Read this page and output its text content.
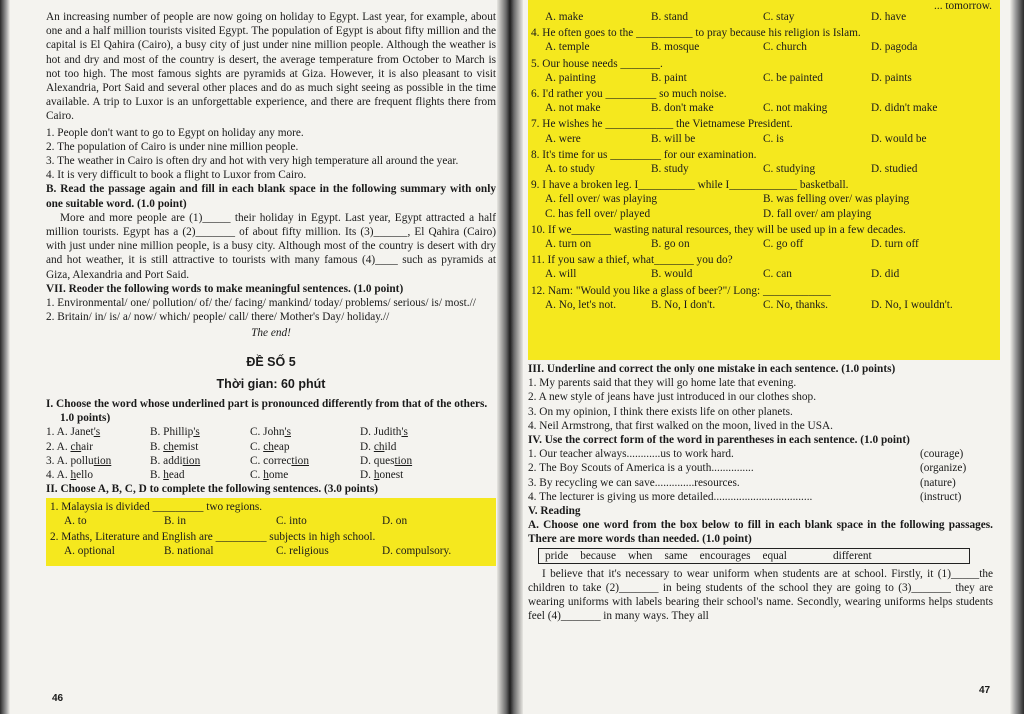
An increasing number of people are now going on holiday to Egypt. Last year, for example, about one and a half million tourists visited Egypt. The population of Egypt is about fifty million and the capital is El Qahira (Cairo), a busy city of just under nine million people. Although the weather is hot and dry and most of the country is desert, the average temperature from October to March is not too high. The most famous sights are pyramids at Giza. However, it is also pleasant to visit Alexandria, Port Said and several other places and do as much sight seeing as possible in the time available. A trip to Luxor is an unforgettable experience, and there are frequent flights there from Cairo.

1. People don't want to go to Egypt on holiday any more.

2. The population of Cairo is under nine million people.

3. The weather in Cairo is often dry and hot with very high temperature all around the year.

4. It is very difficult to book a flight to Luxor from Cairo.

B. Read the passage again and fill in each blank space in the following summary with only one suitable word. (1.0 point)

More and more people are (1)_____ their holiday in Egypt. Last year, Egypt attracted a half million tourists. Egypt has a (2)_______ of about fifty million. Its (3)______, El Qahira (Cairo) with just under nine million people, is a busy city. Although most of the country is desert with dry and hot weather, it is still attractive to tourists with many famous (4)____ such as pyramids at Giza, Alexandria and Port Said.

VII. Reoder the following words to make meaningful sentences. (1.0 point)

1. Environmental/ one/ pollution/ of/ the/ facing/ mankind/ today/ problems/ serious/ is/ most.//

2. Britain/ in/ is/ a/ now/ which/ people/ call/ there/ Mother's Day/ holiday.//

The end!

ĐỀ SỐ 5

Thời gian: 60 phút

I. Choose the word whose underlined part is pronounced differently from that of the others.

1.0 points)

1. A. Janet's	B. Phillip's	C. John's	D. Judith's
2. A. chair	B. chemist	C. cheap	D. child
3. A. pollution	B. addition	C. correction	D. question
4. A. hello	B. head	C. home	D. honest

II. Choose A, B, C, D to complete the following sentences. (3.0 points)

1. Malaysia is divided _________ two regions.

A. to	B. in	C. into	D. on

2. Maths, Literature and English are _________ subjects in high school.

A. optional	B. national	C. religious	D. compulsory.
46

... tomorrow.

A. make	B. stand	C. stay	D. have

4. He often goes to the __________ to pray because his religion is Islam.

A. temple	B. mosque	C. church	D. pagoda

5. Our house needs _______.

A. painting	B. paint	C. be painted	D. paints

6. I'd rather you _________ so much noise.

A. not make	B. don't make	C. not making	D. didn't make

7. He wishes he ____________ the Vietnamese President.

A. were	B. will be	C. is	D. would be

8. It's time for us _________ for our examination.

A. to study	B. study	C. studying	D. studied

9. I have a broken leg. I__________ while I____________ basketball.

A. fell over/ was playing	B. was felling over/ was playing
C. has fell over/ played	D. fall over/ am playing

10. If we_______ wasting natural resources, they will be used up in a few decades.

A. turn on	B. go on	C. go off	D. turn off

11. If you saw a thief, what_______ you do?

A. will	B. would	C. can	D. did

12. Nam: "Would you like a glass of beer?"/ Long: ____________

A. No, let's not.	B. No, I don't.	C. No, thanks.	D. No, I wouldn't.

III. Underline and correct the only one mistake in each sentence. (1.0 points)

1. My parents said that they will go home late that evening.

2. A new style of jeans have just introduced in our clothes shop.

3. On my opinion, I think there exists life on other planets.

4. Neil Armstrong, that first walked on the moon, lived in the USA.

IV. Use the correct form of the word in parentheses in each sentence. (1.0 point)

1. Our teacher always............us to work hard.	(courage)
2. The Boy Scouts of America is a youth...............	(organize)
3. By recycling we can save..............resources.	(nature)
4. The lecturer is giving us more detailed...................................	(instruct)

V. Reading

A. Choose one word from the box below to fill in each blank space in the following passages. There are more words than needed. (1.0 point)

pride	because	when	same	encourages	equal	different

I believe that it's necessary to wear uniform when students are at school. Firstly, it (1)_____the children to take (2)_______ in being students of the school they are going to (3)_______ they are wearing uniforms with labels bearing their school's name. Secondly, wearing uniforms helps students feel (4)_______ in many ways. They all

47
